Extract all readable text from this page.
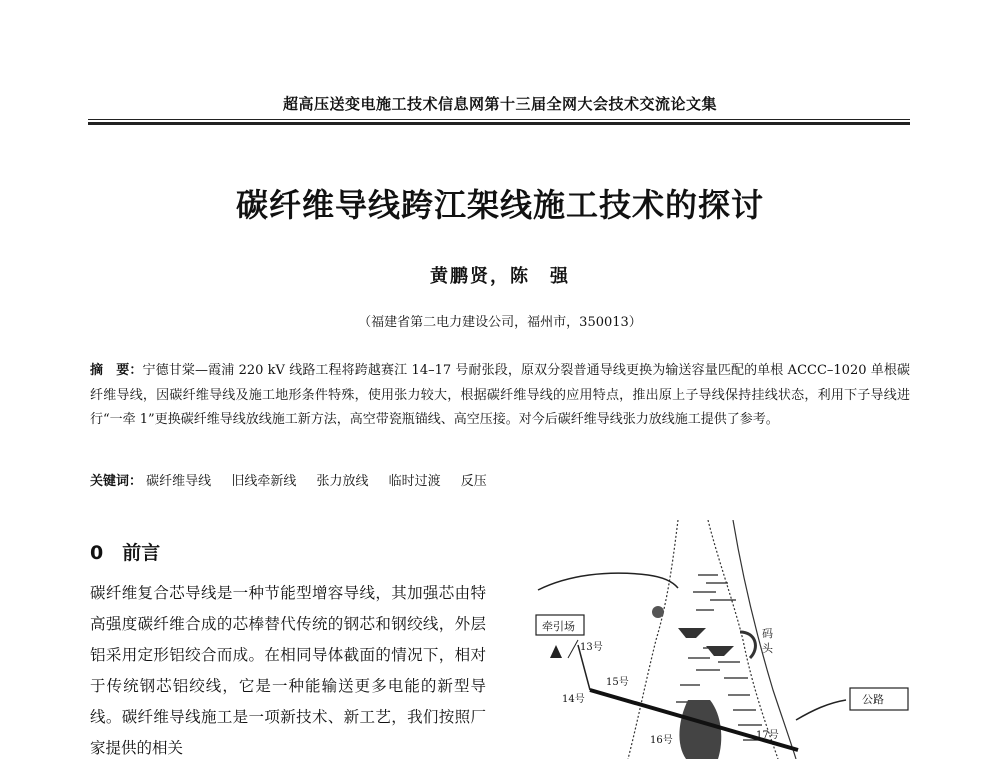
超高压送变电施工技术信息网第十三届全网大会技术交流论文集
碳纤维导线跨江架线施工技术的探讨
黄鹏贤，陈　强
（福建省第二电力建设公司，福州市，350013）
摘　要：宁德甘棠—霞浦 220 kV 线路工程将跨越赛江 14–17 号耐张段，原双分裂普通导线更换为输送容量匹配的单根 ACCC–1020 单根碳纤维导线，因碳纤维导线及施工地形条件特殊，使用张力较大，根据碳纤维导线的应用特点，推出原上子导线保持挂线状态，利用下子导线进行“一牵 1”更换碳纤维导线放线施工新方法，高空带瓷瓶锚线、高空压接。对今后碳纤维导线张力放线施工提供了参考。
关键词： 碳纤维导线 旧线牵新线 张力放线 临时过渡 反压
0　前言
碳纤维复合芯导线是一种节能型增容导线，其加强芯由特高强度碳纤维合成的芯棒替代传统的钢芯和钢绞线，外层铝采用定形铝绞合而成。在相同导体截面的情况下，相对于传统钢芯铝绞线，它是一种能输送更多电能的新型导线。碳纤维导线施工是一项新技术、新工艺，我们按照厂家提供的相关
码
头
牵引场
公路
13号
14号
15号
16号	17号
